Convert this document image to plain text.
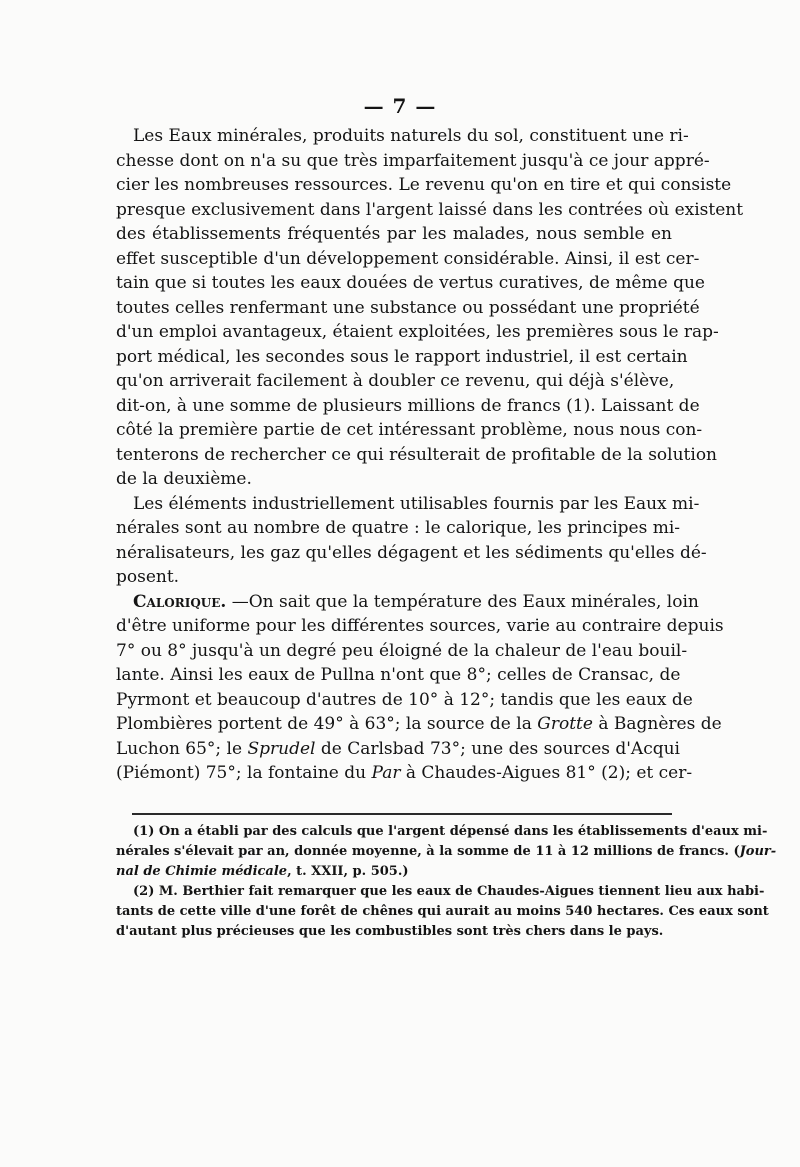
— 7 —
Les Eaux minérales, produits naturels du sol, constituent une ri-
chesse dont on n'a su que très imparfaitement jusqu'à ce jour appré-
cier les nombreuses ressources. Le revenu qu'on en tire et qui consiste
presque exclusivement dans l'argent laissé dans les contrées où existent
des établissements fréquentés par les malades, nous semble en
effet susceptible d'un développement considérable. Ainsi, il est cer-
tain que si toutes les eaux douées de vertus curatives, de même que
toutes celles renfermant une substance ou possédant une propriété
d'un emploi avantageux, étaient exploitées, les premières sous le rap-
port médical, les secondes sous le rapport industriel, il est certain
qu'on arriverait facilement à doubler ce revenu, qui déjà s'élève,
dit-on, à une somme de plusieurs millions de francs (1). Laissant de
côté la première partie de cet intéressant problème, nous nous con-
tenterons de rechercher ce qui résulterait de profitable de la solution
de la deuxième.
Les éléments industriellement utilisables fournis par les Eaux mi-
nérales sont au nombre de quatre : le calorique, les principes mi-
néralisateurs, les gaz qu'elles dégagent et les sédiments qu'elles dé-
posent.
Calorique. —On sait que la température des Eaux minérales, loin
d'être uniforme pour les différentes sources, varie au contraire depuis
7° ou 8° jusqu'à un degré peu éloigné de la chaleur de l'eau bouil-
lante. Ainsi les eaux de Pullna n'ont que 8°; celles de Cransac, de
Pyrmont et beaucoup d'autres de 10° à 12°; tandis que les eaux de
Plombières portent de 49° à 63°; la source de la Grotte à Bagnères de
Luchon 65°; le Sprudel de Carlsbad 73°; une des sources d'Acqui
(Piémont) 75°; la fontaine du Par à Chaudes-Aigues 81° (2); et cer-
(1) On a établi par des calculs que l'argent dépensé dans les établissements d'eaux mi-
nérales s'élevait par an, donnée moyenne, à la somme de 11 à 12 millions de francs. (Jour-
nal de Chimie médicale, t. XXII, p. 505.)
(2) M. Berthier fait remarquer que les eaux de Chaudes-Aigues tiennent lieu aux habi-
tants de cette ville d'une forêt de chênes qui aurait au moins 540 hectares. Ces eaux sont
d'autant plus précieuses que les combustibles sont très chers dans le pays.
